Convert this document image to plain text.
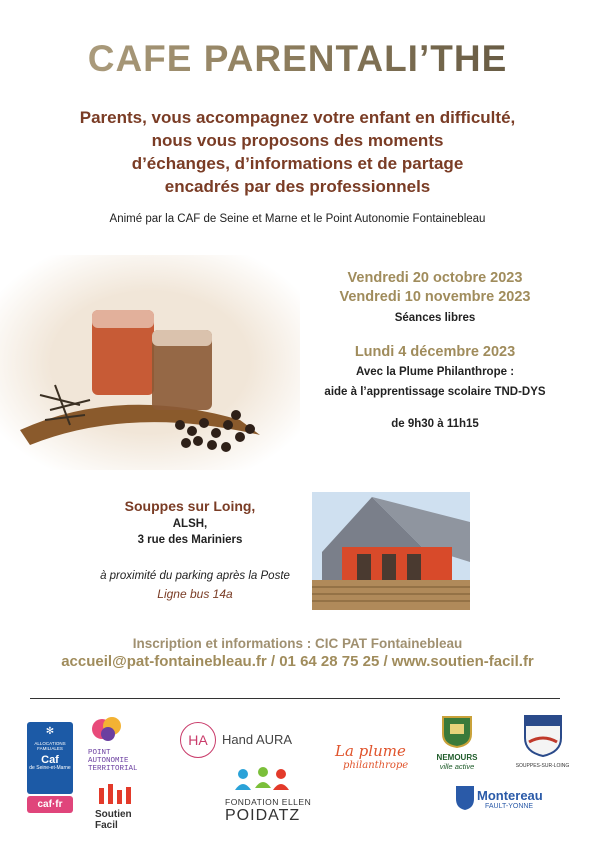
CAFE PARENTALI’THE
Parents, vous accompagnez votre enfant en difficulté,
nous vous proposons des moments
d’échanges, d’informations et de partage
encadrés par des professionnels
Animé par la CAF de Seine et Marne et le Point Autonomie Fontainebleau
Vendredi 20 octobre 2023
Vendredi 10 novembre 2023
Séances libres
Lundi 4 décembre 2023
Avec la Plume Philanthrope :
aide à l’apprentissage scolaire TND-DYS
de 9h30 à 11h15
Souppes sur Loing,
ALSH,
3 rue des Mariniers
à proximité du parking après la Poste
Ligne bus 14a
Inscription et informations : CIC PAT Fontainebleau
accueil@pat-fontainebleau.fr / 01 64 28 75 25 / www.soutien-facil.fr
✻
ALLOCATIONS FAMILIALES
Caf
de Seine-et-Marne
caf·fr
POINT
AUTONOMIE
TERRITORIAL
Soutien
Facil
HA	Hand AURA
FONDATION ELLEN
POIDATZ
La plume
philanthrope
NEMOURS
ville active	SOUPPES-SUR-LOING
Montereau
FAULT-YONNE
